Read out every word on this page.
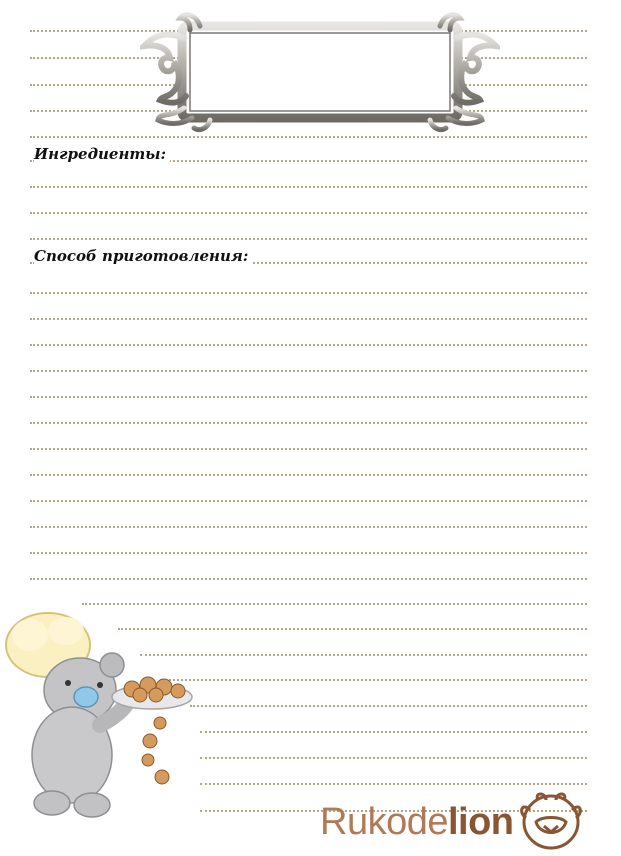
Ингредиенты:
Способ приготовления:
Rukodelion
